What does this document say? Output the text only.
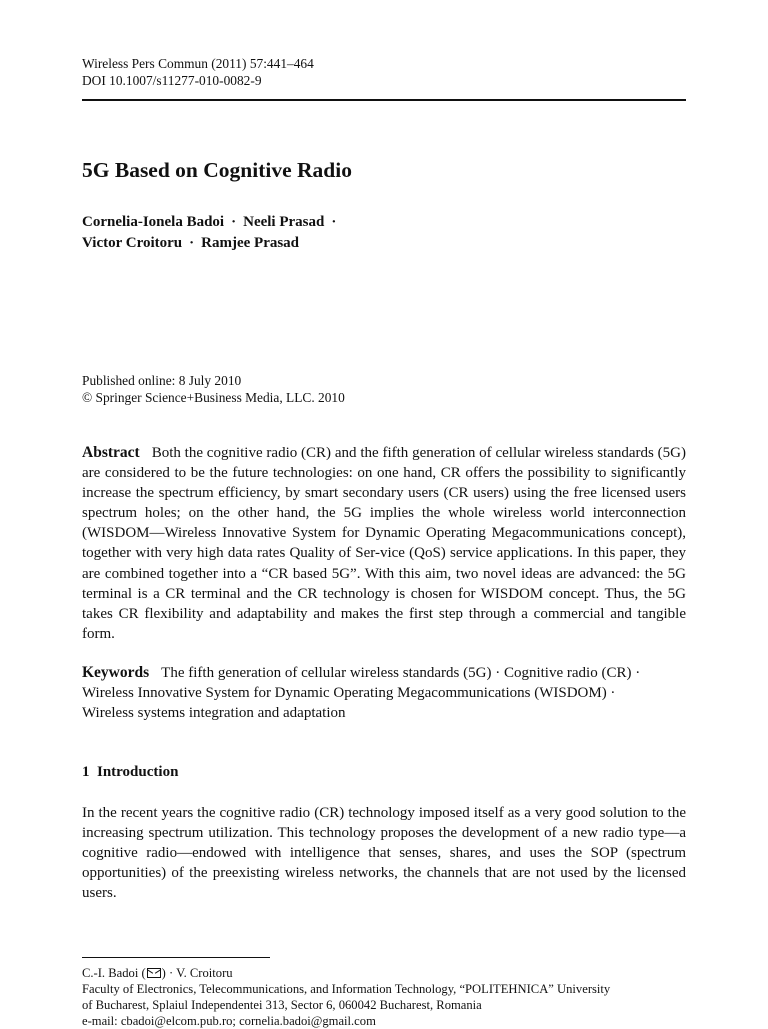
Wireless Pers Commun (2011) 57:441–464
DOI 10.1007/s11277-010-0082-9
5G Based on Cognitive Radio
Cornelia-Ionela Badoi · Neeli Prasad ·
Victor Croitoru · Ramjee Prasad
Published online: 8 July 2010
© Springer Science+Business Media, LLC. 2010

Abstract Both the cognitive radio (CR) and the fifth generation of cellular wireless standards (5G) are considered to be the future technologies: on one hand, CR offers the possibility to significantly increase the spectrum efficiency, by smart secondary users (CR users) using the free licensed users spectrum holes; on the other hand, the 5G implies the whole wireless world interconnection (WISDOM—Wireless Innovative System for Dynamic Operating Megacommunications concept), together with very high data rates Quality of Ser-vice (QoS) service applications. In this paper, they are combined together into a “CR based 5G”. With this aim, two novel ideas are advanced: the 5G terminal is a CR terminal and the CR technology is chosen for WISDOM concept. Thus, the 5G takes CR flexibility and adaptability and makes the first step through a commercial and tangible form.

Keywords The fifth generation of cellular wireless standards (5G) · Cognitive radio (CR) ·
Wireless Innovative System for Dynamic Operating Megacommunications (WISDOM) ·
Wireless systems integration and adaptation
1 Introduction

In the recent years the cognitive radio (CR) technology imposed itself as a very good solution to the increasing spectrum utilization. This technology proposes the development of a new radio type—a cognitive radio—endowed with intelligence that senses, shares, and uses the SOP (spectrum opportunities) of the preexisting wireless networks, the channels that are not used by the licensed users.

C.-I. Badoi ( ) · V. Croitoru
Faculty of Electronics, Telecommunications, and Information Technology, “POLITEHNICA” University
of Bucharest, Splaiul Independentei 313, Sector 6, 060042 Bucharest, Romania
e-mail: cbadoi@elcom.pub.ro; cornelia.badoi@gmail.com
